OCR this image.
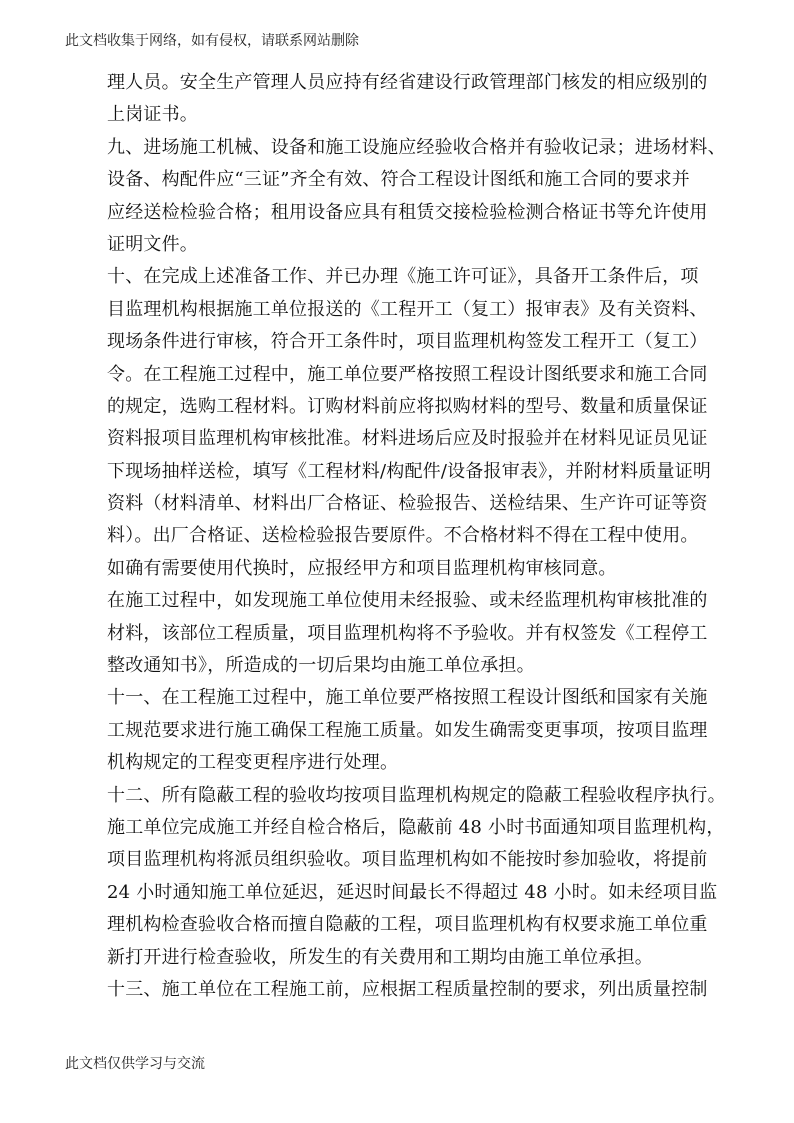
此文档收集于网络，如有侵权，请联系网站删除
理人员。安全生产管理人员应持有经省建设行政管理部门核发的相应级别的
上岗证书。
九、进场施工机械、设备和施工设施应经验收合格并有验收记录；进场材料、
设备、构配件应“三证”齐全有效、符合工程设计图纸和施工合同的要求并
应经送检检验合格；租用设备应具有租赁交接检验检测合格证书等允许使用
证明文件。
十、在完成上述准备工作、并已办理《施工许可证》，具备开工条件后，项
目监理机构根据施工单位报送的《工程开工（复工）报审表》及有关资料、
现场条件进行审核，符合开工条件时，项目监理机构签发工程开工（复工）
令。在工程施工过程中，施工单位要严格按照工程设计图纸要求和施工合同
的规定，选购工程材料。订购材料前应将拟购材料的型号、数量和质量保证
资料报项目监理机构审核批准。材料进场后应及时报验并在材料见证员见证
下现场抽样送检，填写《工程材料/构配件/设备报审表》，并附材料质量证明
资料（材料清单、材料出厂合格证、检验报告、送检结果、生产许可证等资
料）。出厂合格证、送检检验报告要原件。不合格材料不得在工程中使用。
如确有需要使用代换时，应报经甲方和项目监理机构审核同意。
在施工过程中，如发现施工单位使用未经报验、或未经监理机构审核批准的
材料，该部位工程质量，项目监理机构将不予验收。并有权签发《工程停工
整改通知书》，所造成的一切后果均由施工单位承担。
十一、在工程施工过程中，施工单位要严格按照工程设计图纸和国家有关施
工规范要求进行施工确保工程施工质量。如发生确需变更事项，按项目监理
机构规定的工程变更程序进行处理。
十二、所有隐蔽工程的验收均按项目监理机构规定的隐蔽工程验收程序执行。
施工单位完成施工并经自检合格后，隐蔽前 48 小时书面通知项目监理机构，
项目监理机构将派员组织验收。项目监理机构如不能按时参加验收，将提前
24 小时通知施工单位延迟，延迟时间最长不得超过 48 小时。如未经项目监
理机构检查验收合格而擅自隐蔽的工程，项目监理机构有权要求施工单位重
新打开进行检查验收，所发生的有关费用和工期均由施工单位承担。
十三、施工单位在工程施工前，应根据工程质量控制的要求，列出质量控制
此文档仅供学习与交流
